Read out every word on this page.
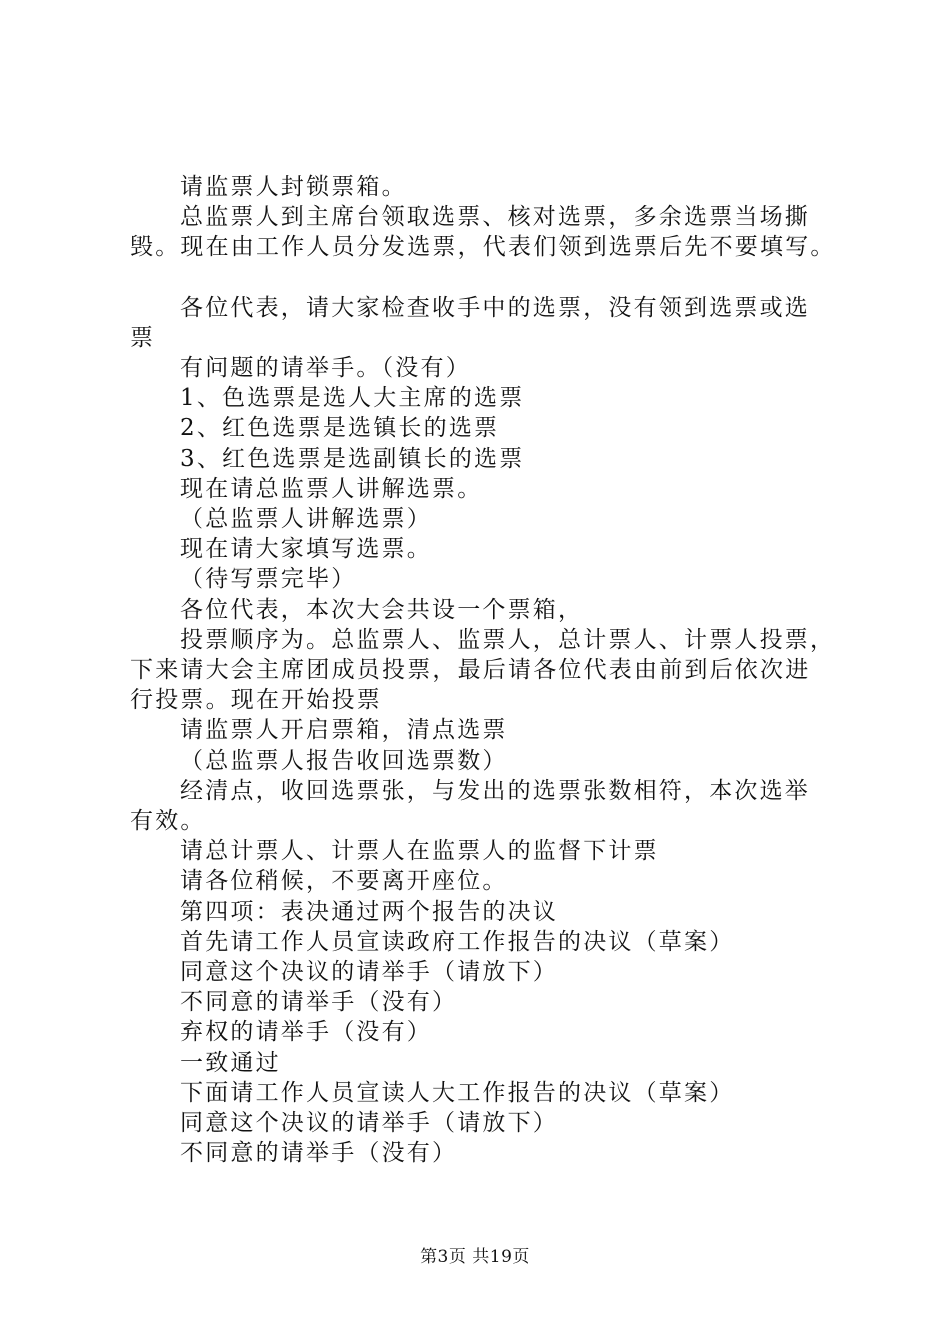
请监票人封锁票箱。

总监票人到主席台领取选票、核对选票，多余选票当场撕

毁。现在由工作人员分发选票，代表们领到选票后先不要填写。

各位代表，请大家检查收手中的选票，没有领到选票或选

票

有问题的请举手。（没有）

1、色选票是选人大主席的选票

2、红色选票是选镇长的选票

3、红色选票是选副镇长的选票

现在请总监票人讲解选票。

（总监票人讲解选票）

现在请大家填写选票。

（待写票完毕）

各位代表，本次大会共设一个票箱，

投票顺序为。总监票人、监票人，总计票人、计票人投票，

下来请大会主席团成员投票，最后请各位代表由前到后依次进

行投票。现在开始投票

请监票人开启票箱，清点选票

（总监票人报告收回选票数）

经清点，收回选票张，与发出的选票张数相符，本次选举

有效。

请总计票人、计票人在监票人的监督下计票

请各位稍候，不要离开座位。

第四项：表决通过两个报告的决议

首先请工作人员宣读政府工作报告的决议（草案）

同意这个决议的请举手（请放下）

不同意的请举手（没有）

弃权的请举手（没有）

一致通过

下面请工作人员宣读人大工作报告的决议（草案）

同意这个决议的请举手（请放下）

不同意的请举手（没有）

第3页 共19页
